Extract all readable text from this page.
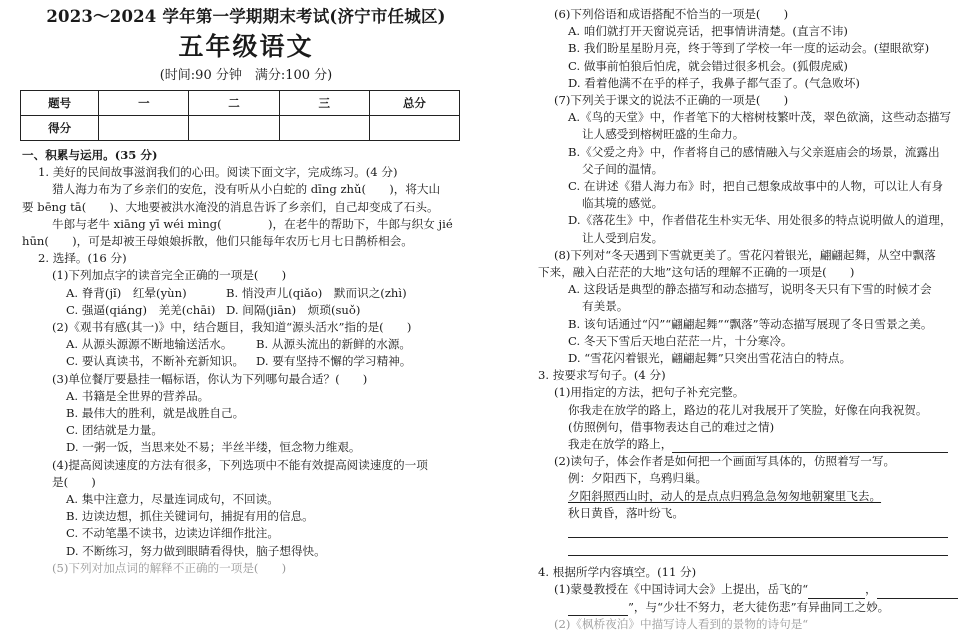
2023～2024 学年第一学期期末考试(济宁市任城区)

五年级语文

(时间:90 分钟　满分:100 分)

题号	一	二	三	总分
得分				

一、积累与运用。(35 分)

1. 美好的民间故事滋润我们的心田。阅读下面文字，完成练习。(4 分)

猎人海力布为了乡亲们的安危，没有听从小白蛇的 dīng zhǔ(　　)，将大山

要 bēng tā(　　)、大地要被洪水淹没的消息告诉了乡亲们，自己却变成了石头。

牛郎与老牛 xiāng yī wéi mìng(　　　　)，在老牛的帮助下，牛郎与织女 jié

hūn(　　)，可是却被王母娘娘拆散，他们只能每年农历七月七日鹊桥相会。

2. 选择。(16 分)

(1)下列加点字的读音完全正确的一项是(　　)

A. 脊背(jǐ)　红晕(yùn)	B. 悄没声儿(qiǎo)　默而识之(zhì)
C. 强逼(qiáng)　羌羌(chāi) D. 间隔(jiān)　烦琐(suǒ)

(2)《观书有感(其一)》中，结合题目，我知道“源头活水”指的是(　　)

A. 从源头源源不断地输送活水。	B. 从源头流出的新鲜的水源。
C. 要认真读书，不断补充新知识。	D. 要有坚持不懈的学习精神。

(3)单位餐厅要悬挂一幅标语，你认为下列哪句最合适？(　　)

A. 书籍是全世界的营养品。

B. 最伟大的胜利，就是战胜自己。

C. 团结就是力量。

D. 一粥一饭，当思来处不易；半丝半缕，恒念物力维艰。

(4)提高阅读速度的方法有很多，下列选项中不能有效提高阅读速度的一项

是(　　)

A. 集中注意力，尽量连词成句，不回读。

B. 边读边想，抓住关键词句，捕捉有用的信息。

C. 不动笔墨不读书，边读边详细作批注。

D. 不断练习，努力做到眼睛看得快，脑子想得快。

(5)下列对加点词的解释不正确的一项是(　　)

(6)下列俗语和成语搭配不恰当的一项是(　　)

A. 咱们就打开天窗说亮话，把事情讲清楚。(直言不讳)

B. 我们盼星星盼月亮，终于等到了学校一年一度的运动会。(望眼欲穿)

C. 做事前怕狼后怕虎，就会错过很多机会。(狐假虎威)

D. 看着他满不在乎的样子，我鼻子都气歪了。(气急败坏)

(7)下列关于课文的说法不正确的一项是(　　)

A.《鸟的天堂》中，作者笔下的大榕树枝繁叶茂，翠色欲滴，这些动态描写

让人感受到榕树旺盛的生命力。

B.《父爱之舟》中，作者将自己的感情融入与父亲逛庙会的场景，流露出

父子间的温情。

C. 在讲述《猎人海力布》时，把自己想象成故事中的人物，可以让人有身

临其境的感觉。

D.《落花生》中，作者借花生朴实无华、用处很多的特点说明做人的道理，

让人受到启发。

(8)下列对“冬天遇到下雪就更美了。雪花闪着银光，翩翩起舞，从空中飘落

下来，融入白茫茫的大地”这句话的理解不正确的一项是(　　)

A. 这段话是典型的静态描写和动态描写，说明冬天只有下雪的时候才会

有美景。

B. 该句话通过“闪”“翩翩起舞”“飘落”等动态描写展现了冬日雪景之美。

C. 冬天下雪后天地白茫茫一片，十分寒冷。

D. “雪花闪着银光，翩翩起舞”只突出雪花洁白的特点。

3. 按要求写句子。(4 分)

(1)用指定的方法，把句子补充完整。

你我走在放学的路上，路边的花儿对我展开了笑脸，好像在向我祝贺。

(仿照例句，借事物表达自己的难过之情)

我走在放学的路上，

(2)读句子，体会作者是如何把一个画面写具体的，仿照着写一写。

例：夕阳西下，乌鸦归巢。

夕阳斜照西山时，动人的是点点归鸦急急匆匆地朝窠里飞去。

秋日黄昏，落叶纷飞。

4. 根据所学内容填空。(11 分)

(1)蒙曼教授在《中国诗词大会》上提出，岳飞的“	，
”，与“少壮不努力，老大徒伤悲”有异曲同工之妙。

(2)《枫桥夜泊》中描写诗人看到的景物的诗句是“
